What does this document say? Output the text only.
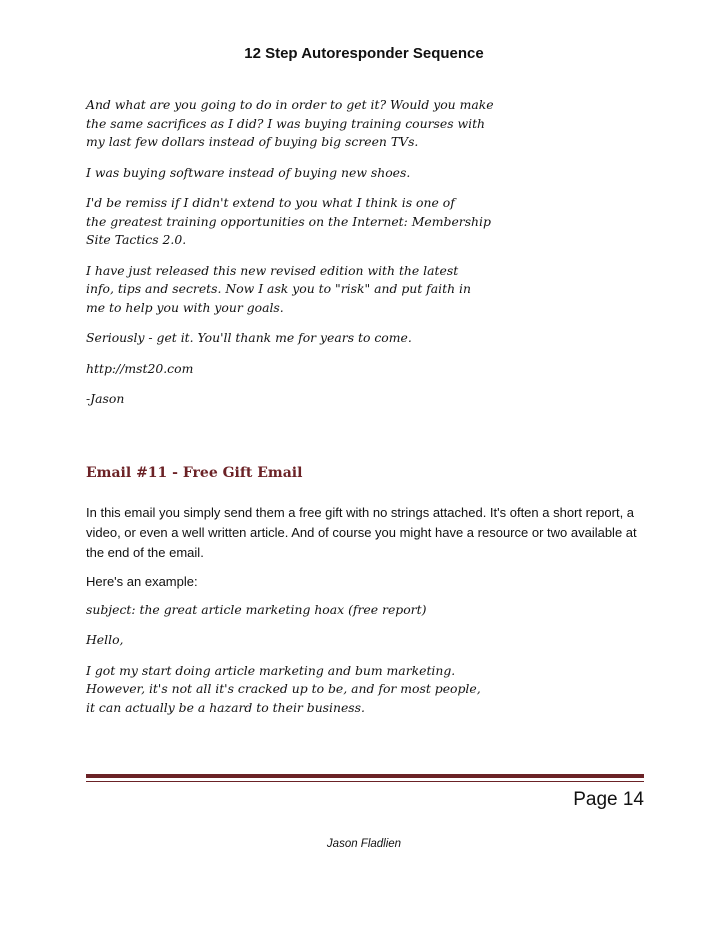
12 Step Autoresponder Sequence

And what are you going to do in order to get it? Would you make
the same sacrifices as I did? I was buying training courses with
my last few dollars instead of buying big screen TVs.

I was buying software instead of buying new shoes.

I'd be remiss if I didn't extend to you what I think is one of
the greatest training opportunities on the Internet: Membership
Site Tactics 2.0.

I have just released this new revised edition with the latest
info, tips and secrets. Now I ask you to "risk" and put faith in
me to help you with your goals.

Seriously - get it. You'll thank me for years to come.

http://mst20.com

-Jason

Email #11 - Free Gift Email

In this email you simply send them a free gift with no strings attached. It's often a short report, a video, or even a well written article. And of course you might have a resource or two available at the end of the email.

Here's an example:

subject: the great article marketing hoax (free report)

Hello,

I got my start doing article marketing and bum marketing.
However, it's not all it's cracked up to be, and for most people,
it can actually be a hazard to their business.

Page 14
Jason Fladlien
